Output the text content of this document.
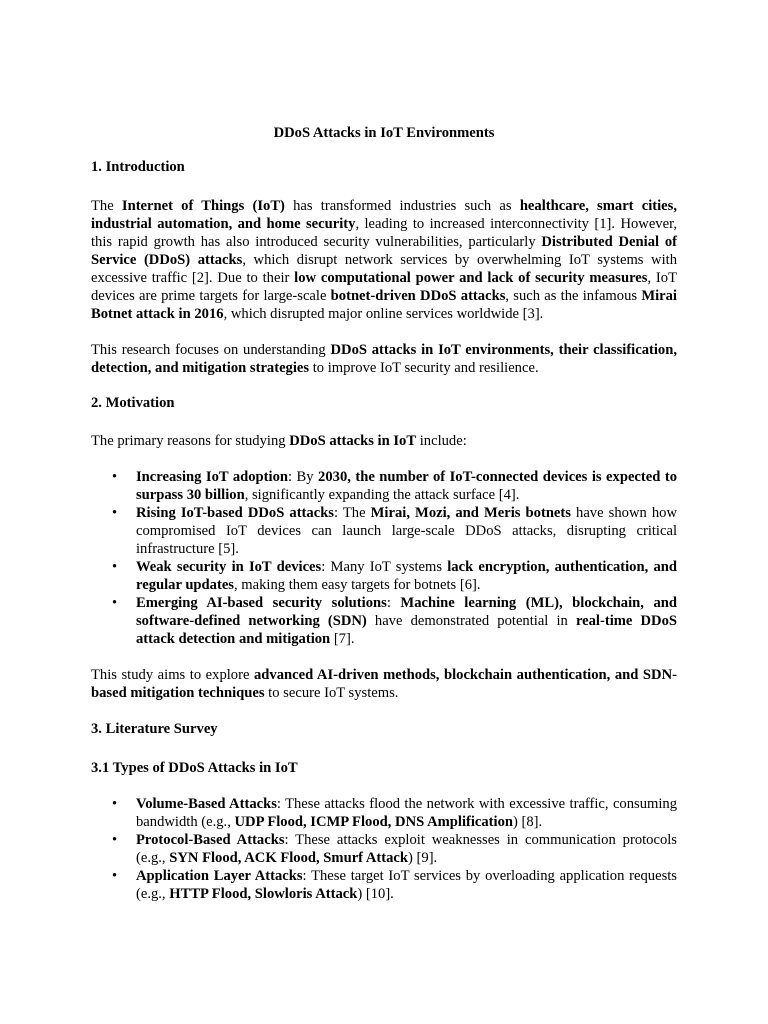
DDoS Attacks in IoT Environments
1. Introduction

The Internet of Things (IoT) has transformed industries such as healthcare, smart cities, industrial automation, and home security, leading to increased interconnectivity [1]. However, this rapid growth has also introduced security vulnerabilities, particularly Distributed Denial of Service (DDoS) attacks, which disrupt network services by overwhelming IoT systems with excessive traffic [2]. Due to their low computational power and lack of security measures, IoT devices are prime targets for large-scale botnet-driven DDoS attacks, such as the infamous Mirai Botnet attack in 2016, which disrupted major online services worldwide [3].

This research focuses on understanding DDoS attacks in IoT environments, their classification, detection, and mitigation strategies to improve IoT security and resilience.

2. Motivation

The primary reasons for studying DDoS attacks in IoT include:

• Increasing IoT adoption: By 2030, the number of IoT-connected devices is expected to surpass 30 billion, significantly expanding the attack surface [4].
• Rising IoT-based DDoS attacks: The Mirai, Mozi, and Meris botnets have shown how compromised IoT devices can launch large-scale DDoS attacks, disrupting critical infrastructure [5].
• Weak security in IoT devices: Many IoT systems lack encryption, authentication, and regular updates, making them easy targets for botnets [6].
• Emerging AI-based security solutions: Machine learning (ML), blockchain, and software-defined networking (SDN) have demonstrated potential in real-time DDoS attack detection and mitigation [7].

This study aims to explore advanced AI-driven methods, blockchain authentication, and SDN-based mitigation techniques to secure IoT systems.

3. Literature Survey
3.1 Types of DDoS Attacks in IoT
• Volume-Based Attacks: These attacks flood the network with excessive traffic, consuming bandwidth (e.g., UDP Flood, ICMP Flood, DNS Amplification) [8].
• Protocol-Based Attacks: These attacks exploit weaknesses in communication protocols (e.g., SYN Flood, ACK Flood, Smurf Attack) [9].
• Application Layer Attacks: These target IoT services by overloading application requests (e.g., HTTP Flood, Slowloris Attack) [10].
